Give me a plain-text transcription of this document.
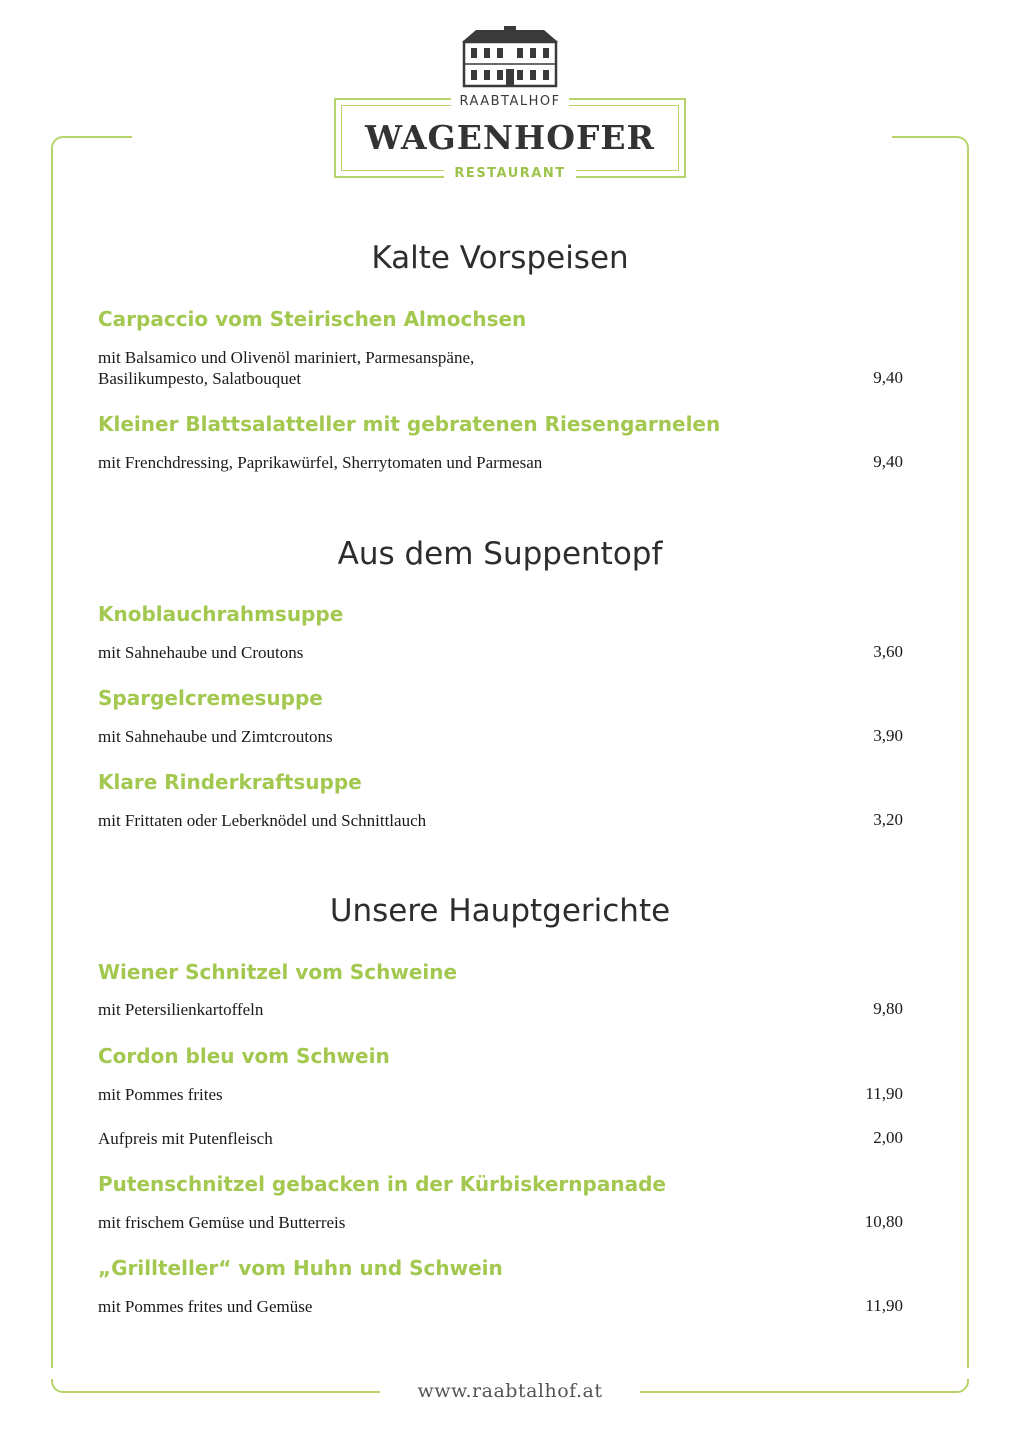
RAABTALHOF
WAGENHOFER
RESTAURANT
Kalte Vorspeisen
Carpaccio vom Steirischen Almochsen
mit Balsamico und Olivenöl mariniert, Parmesanspäne,
Basilikumpesto, Salatbouquet	9,40
Kleiner Blattsalatteller mit gebratenen Riesengarnelen
mit Frenchdressing, Paprikawürfel, Sherrytomaten und Parmesan	9,40
Aus dem Suppentopf
Knoblauchrahmsuppe
mit Sahnehaube und Croutons	3,60
Spargelcremesuppe
mit Sahnehaube und Zimtcroutons	3,90
Klare Rinderkraftsuppe
mit Frittaten oder Leberknödel und Schnittlauch	3,20
Unsere Hauptgerichte
Wiener Schnitzel vom Schweine
mit Petersilienkartoffeln	9,80
Cordon bleu vom Schwein
mit Pommes frites	11,90
Aufpreis mit Putenfleisch	2,00
Putenschnitzel gebacken in der Kürbiskernpanade
mit frischem Gemüse und Butterreis	10,80
„Grillteller“ vom Huhn und Schwein
mit Pommes frites und Gemüse	11,90
www.raabtalhof.at
